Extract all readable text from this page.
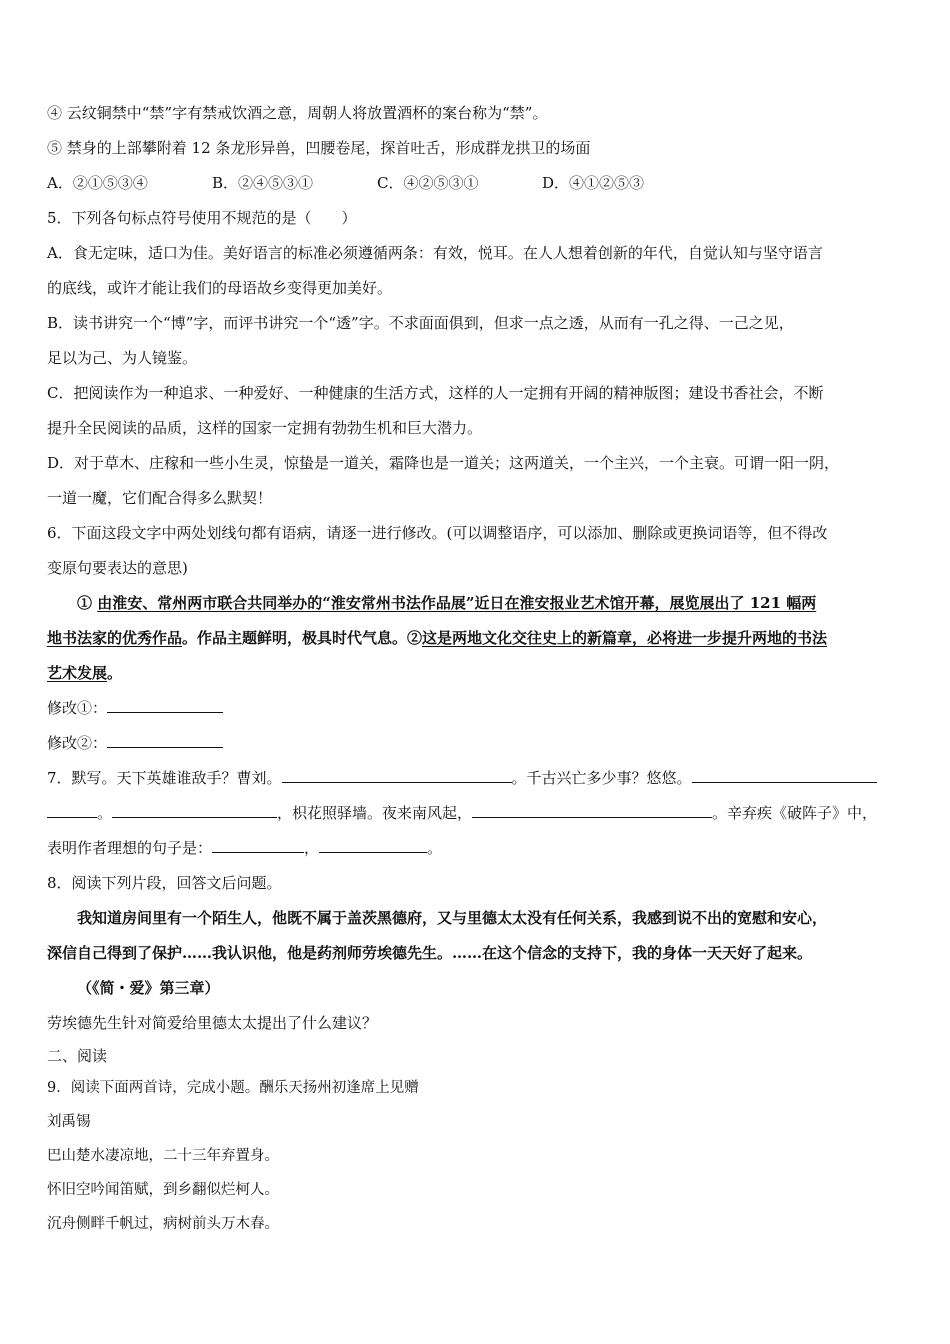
④ 云纹铜禁中“禁”字有禁戒饮酒之意，周朝人将放置酒杯的案台称为“禁”。
⑤ 禁身的上部攀附着 12 条龙形异兽，凹腰卷尾，探首吐舌，形成群龙拱卫的场面
A．②①⑤③④	B．②④⑤③①	C．④②⑤③①	D．④①②⑤③
5．下列各句标点符号使用不规范的是（　　）
A．食无定味，适口为佳。美好语言的标准必须遵循两条：有效，悦耳。在人人想着创新的年代，自觉认知与坚守语言
的底线，或许才能让我们的母语故乡变得更加美好。
B．读书讲究一个“博”字，而评书讲究一个“透”字。不求面面俱到，但求一点之透，从而有一孔之得、一己之见，
足以为己、为人镜鉴。
C．把阅读作为一种追求、一种爱好、一种健康的生活方式，这样的人一定拥有开阔的精神版图；建设书香社会，不断
提升全民阅读的品质，这样的国家一定拥有勃勃生机和巨大潜力。
D．对于草木、庄稼和一些小生灵，惊蛰是一道关，霜降也是一道关；这两道关，一个主兴，一个主衰。可谓一阳一阴，
一道一魔，它们配合得多么默契！
6．下面这段文字中两处划线句都有语病，请逐一进行修改。(可以调整语序，可以添加、删除或更换词语等，但不得改
变原句要表达的意思)
① 由淮安、常州两市联合共同举办的“淮安常州书法作品展”近日在淮安报业艺术馆开幕，展览展出了 121 幅两
地书法家的优秀作品。作品主题鲜明，极具时代气息。②这是两地文化交往史上的新篇章，必将进一步提升两地的书法
艺术发展。
修改①：
修改②：
7．默写。天下英雄谁敌手？曹刘。	。千古兴亡多少事？悠悠。
。	，枳花照驿墙。夜来南风起，	。辛弃疾《破阵子》中，
表明作者理想的句子是：	，	。
8．阅读下列片段，回答文后问题。
我知道房间里有一个陌生人，他既不属于盖茨黑德府，又与里德太太没有任何关系，我感到说不出的宽慰和安心，
深信自己得到了保护……我认识他，他是药剂师劳埃德先生。……在这个信念的支持下，我的身体一天天好了起来。
（《简・爱》第三章）
劳埃德先生针对简爱给里德太太提出了什么建议？
二、阅读
9．阅读下面两首诗，完成小题。酬乐天扬州初逢席上见赠
刘禹锡
巴山楚水凄凉地，二十三年弃置身。
怀旧空吟闻笛赋，到乡翻似烂柯人。
沉舟侧畔千帆过，病树前头万木春。
